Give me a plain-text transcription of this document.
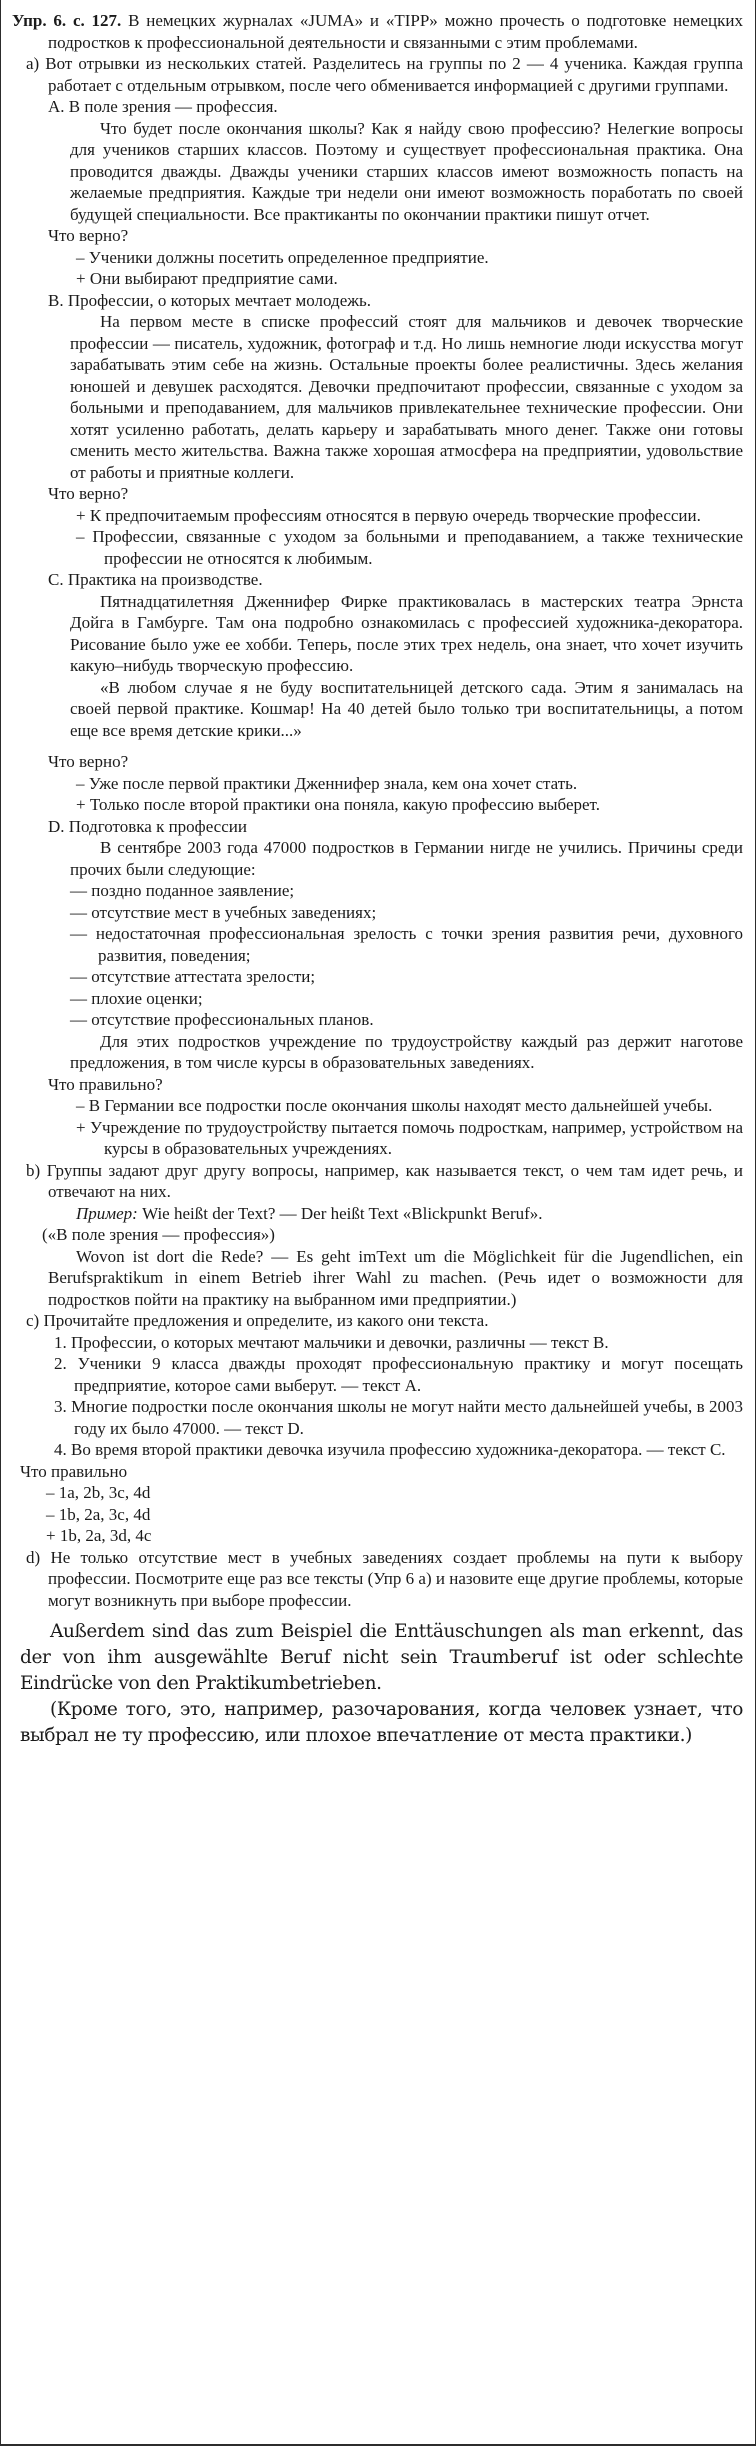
Упр. 6. с. 127. В немецких журналах «JUMA» и «TIPP» можно прочесть о подготовке немецких подростков к профессиональной деятельности и связанными с этим проблемами.

a) Вот отрывки из нескольких статей. Разделитесь на группы по 2 — 4 ученика. Каждая группа работает с отдельным отрывком, после чего обменивается информацией с другими группами.

A. В поле зрения — профессия.

Что будет после окончания школы? Как я найду свою профессию? Нелегкие вопросы для учеников старших классов. Поэтому и существует профессиональная практика. Она проводится дважды. Дважды ученики старших классов имеют возможность попасть на желаемые предприятия. Каждые три недели они имеют возможность поработать по своей будущей специальности. Все практиканты по окончании практики пишут отчет.

Что верно?

– Ученики должны посетить определенное предприятие.

+ Они выбирают предприятие сами.

B. Профессии, о которых мечтает молодежь.

На первом месте в списке профессий стоят для мальчиков и девочек творческие профессии — писатель, художник, фотограф и т.д. Но лишь немногие люди искусства могут зарабатывать этим себе на жизнь. Остальные проекты более реалистичны. Здесь желания юношей и девушек расходятся. Девочки предпочитают профессии, связанные с уходом за больными и преподаванием, для мальчиков привлекательнее технические профессии. Они хотят усиленно работать, делать карьеру и зарабатывать много денег. Также они готовы сменить место жительства. Важна также хорошая атмосфера на предприятии, удовольствие от работы и приятные коллеги.

Что верно?

+ К предпочитаемым профессиям относятся в первую очередь творческие профессии.

– Профессии, связанные с уходом за больными и преподаванием, а также технические профессии не относятся к любимым.

C. Практика на производстве.

Пятнадцатилетняя Дженнифер Фирке практиковалась в мастерских театра Эрнста Дойга в Гамбурге. Там она подробно ознакомилась с профессией художника-декоратора. Рисование было уже ее хобби. Теперь, после этих трех недель, она знает, что хочет изучить какую–нибудь творческую профессию.

«В любом случае я не буду воспитательницей детского сада. Этим я занималась на своей первой практике. Кошмар! На 40 детей было только три воспитательницы, а потом еще все время детские крики...»

Что верно?

– Уже после первой практики Дженнифер знала, кем она хочет стать.

+ Только после второй практики она поняла, какую профессию выберет.

D. Подготовка к профессии

В сентябре 2003 года 47000 подростков в Германии нигде не учились. Причины среди прочих были следующие:

— поздно поданное заявление;

— отсутствие мест в учебных заведениях;

— недостаточная профессиональная зрелость с точки зрения развития речи, духовного развития, поведения;

— отсутствие аттестата зрелости;

— плохие оценки;

— отсутствие профессиональных планов.

Для этих подростков учреждение по трудоустройству каждый раз держит наготове предложения, в том числе курсы в образовательных заведениях.

Что правильно?

– В Германии все подростки после окончания школы находят место дальнейшей учебы.

+ Учреждение по трудоустройству пытается помочь подросткам, например, устройством на курсы в образовательных учреждениях.

b) Группы задают друг другу вопросы, например, как называется текст, о чем там идет речь, и отвечают на них.

Пример: Wie heißt der Text? — Der heißt Text «Blickpunkt Beruf».

(«В поле зрения — профессия»)

Wovon ist dort die Rede? — Es geht imText um die Möglichkeit für die Jugendlichen, ein Berufspraktikum in einem Betrieb ihrer Wahl zu machen. (Речь идет о возможности для подростков пойти на практику на выбранном ими предприятии.)

c) Прочитайте предложения и определите, из какого они текста.

1. Профессии, о которых мечтают мальчики и девочки, различны — текст B.

2. Ученики 9 класса дважды проходят профессиональную практику и могут посещать предприятие, которое сами выберут. — текст A.

3. Многие подростки после окончания школы не могут найти место дальнейшей учебы, в 2003 году их было 47000. — текст D.

4. Во время второй практики девочка изучила профессию художника-декоратора. — текст C.

Что правильно

– 1a, 2b, 3c, 4d

– 1b, 2a, 3c, 4d

+ 1b, 2a, 3d, 4c

d) Не только отсутствие мест в учебных заведениях создает проблемы на пути к выбору профессии. Посмотрите еще раз все тексты (Упр 6 а) и назовите еще другие проблемы, которые могут возникнуть при выборе профессии.

Außerdem sind das zum Beispiel die Enttäuschungen als man erkennt, das der von ihm ausgewählte Beruf nicht sein Traumberuf ist oder schlechte Eindrücke von den Praktikumbetrieben.

(Кроме того, это, например, разочарования, когда человек узнает, что выбрал не ту профессию, или плохое впечатление от места практики.)
